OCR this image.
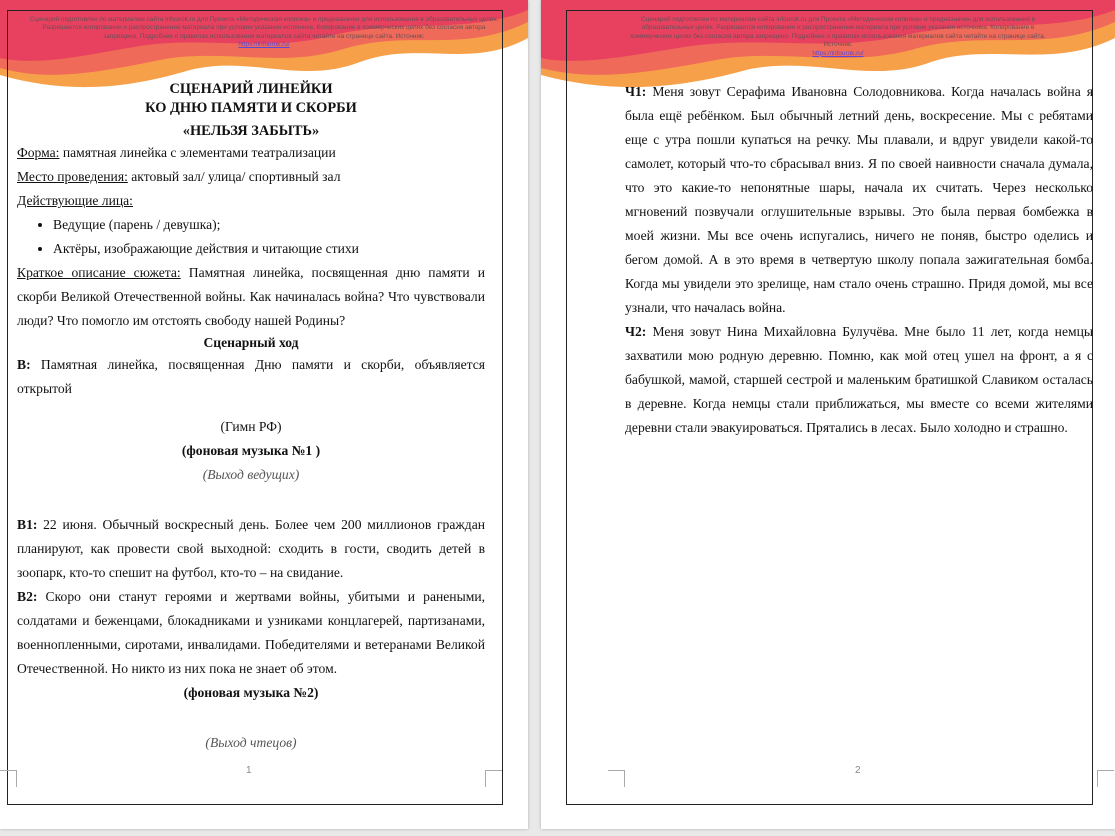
Сценарий подготовлен по материалам сайта infourok.ru для Проекта «Методическая копилка» и предназначен для использования в образовательных целях. Разрешается копирование и распространение материала при условии указания источника. Копирование в коммерческих целях без согласия автора запрещено. Подробнее о правилах использования материалов сайта читайте на странице сайта. Источник:
https://infourok.ru/
СЦЕНАРИЙ ЛИНЕЙКИ
КО ДНЮ ПАМЯТИ И СКОРБИ
«НЕЛЬЗЯ ЗАБЫТЬ»
Форма: памятная линейка с элементами театрализации
Место проведения: актовый зал/ улица/ спортивный зал
Действующие лица:
• Ведущие (парень / девушка);
• Актёры, изображающие действия и читающие стихи
Краткое описание сюжета: Памятная линейка, посвященная дню памяти и скорби Великой Отечественной войны. Как начиналась война? Что чувствовали люди? Что помогло им отстоять свободу нашей Родины?
Сценарный ход
В: Памятная линейка, посвященная Дню памяти и скорби, объявляется открытой
(Гимн РФ)
(фоновая музыка №1 )
(Выход ведущих)
В1: 22 июня. Обычный воскресный день. Более чем 200 миллионов граждан планируют, как провести свой выходной: сходить в гости, сводить детей в зоопарк, кто-то спешит на футбол, кто-то – на свидание.
В2: Скоро они станут героями и жертвами войны, убитыми и ранеными, солдатами и беженцами, блокадниками и узниками концлагерей, партизанами, военнопленными, сиротами, инвалидами. Победителями и ветеранами Великой Отечественной. Но никто из них пока не знает об этом.
(фоновая музыка №2)
(Выход чтецов)
1
Сценарий подготовлен по материалам сайта infourok.ru для Проекта «Методическая копилка» и предназначен для использования в образовательных целях. Разрешается копирование и распространение материала при условии указания источника. Копирование в коммерческих целях без согласия автора запрещено. Подробнее о правилах использования материалов сайта читайте на странице сайта. Источник:
https://infourok.ru/
Ч1: Меня зовут Серафима Ивановна Солодовникова. Когда началась война я была ещё ребёнком. Был обычный летний день, воскресение. Мы с ребятами еще с утра пошли купаться на речку. Мы плавали, и вдруг увидели какой-то самолет, который что-то сбрасывал вниз. Я по своей наивности сначала думала, что это какие-то непонятные шары, начала их считать. Через несколько мгновений позвучали оглушительные взрывы. Это была первая бомбежка в моей жизни. Мы все очень испугались, ничего не поняв, быстро оделись и бегом домой. А в это время в четвертую школу попала зажигательная бомба. Когда мы увидели это зрелище, нам стало очень страшно. Придя домой, мы все узнали, что началась война.
Ч2: Меня зовут Нина Михайловна Булучёва. Мне было 11 лет, когда немцы захватили мою родную деревню. Помню, как мой отец ушел на фронт, а я с бабушкой, мамой, старшей сестрой и маленьким братишкой Славиком осталась в деревне. Когда немцы стали приближаться, мы вместе со всеми жителями деревни стали эвакуироваться. Прятались в лесах. Было холодно и страшно.
2
